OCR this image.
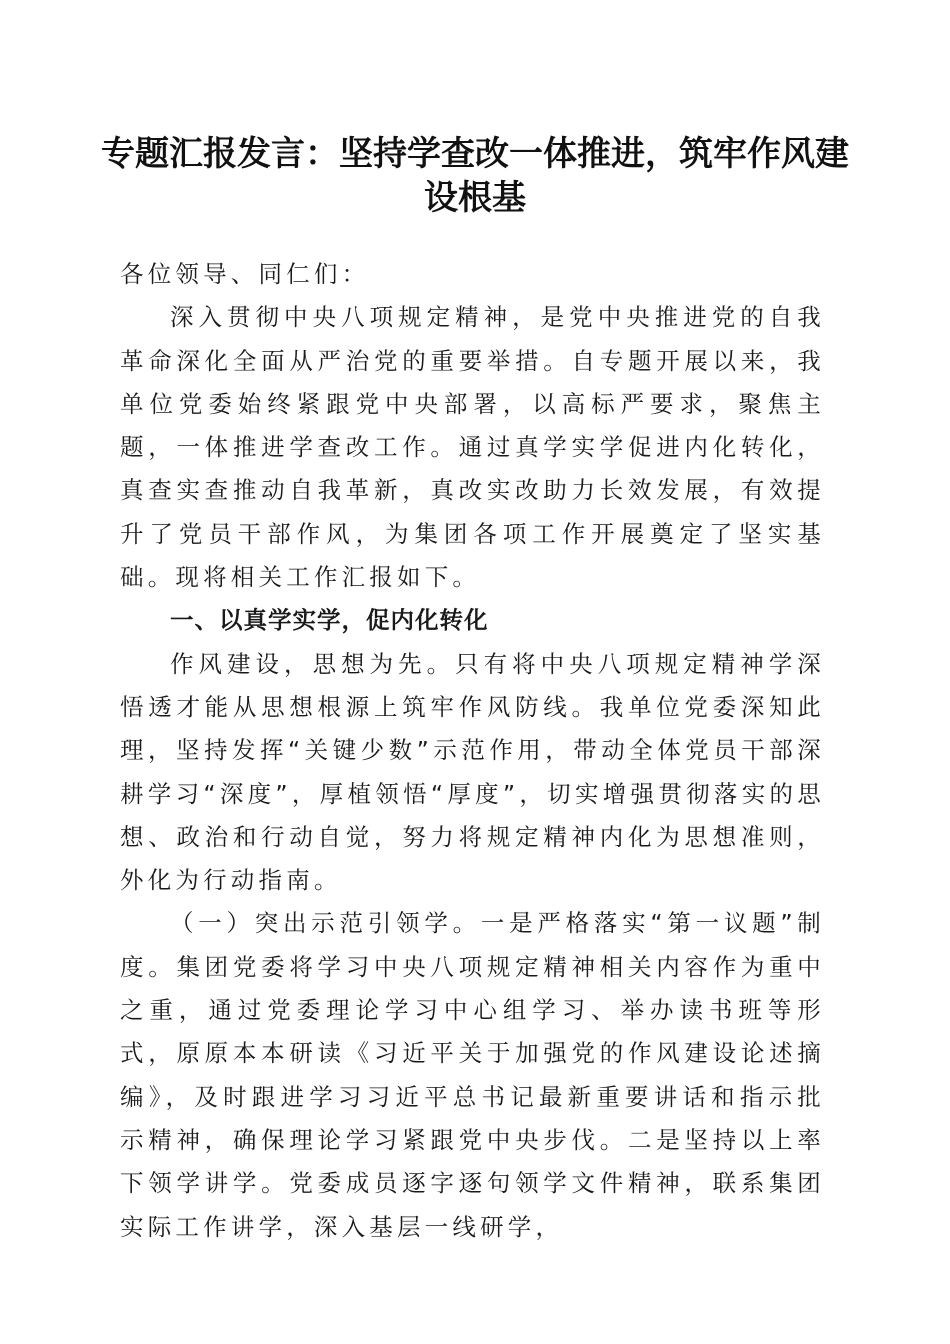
专题汇报发言：坚持学查改一体推进，筑牢作风建设根基

各位领导、同仁们：

深入贯彻中央八项规定精神，是党中央推进党的自我革命深化全面从严治党的重要举措。自专题开展以来，我单位党委始终紧跟党中央部署，以高标严要求，聚焦主题，一体推进学查改工作。通过真学实学促进内化转化，真查实查推动自我革新，真改实改助力长效发展，有效提升了党员干部作风，为集团各项工作开展奠定了坚实基础。现将相关工作汇报如下。

一、以真学实学，促内化转化

作风建设，思想为先。只有将中央八项规定精神学深悟透才能从思想根源上筑牢作风防线。我单位党委深知此理，坚持发挥“关键少数”示范作用，带动全体党员干部深耕学习“深度”，厚植领悟“厚度”，切实增强贯彻落实的思想、政治和行动自觉，努力将规定精神内化为思想准则，外化为行动指南。

（一）突出示范引领学。一是严格落实“第一议题”制度。集团党委将学习中央八项规定精神相关内容作为重中之重，通过党委理论学习中心组学习、举办读书班等形式，原原本本研读《习近平关于加强党的作风建设论述摘编》，及时跟进学习习近平总书记最新重要讲话和指示批示精神，确保理论学习紧跟党中央步伐。二是坚持以上率下领学讲学。党委成员逐字逐句领学文件精神，联系集团实际工作讲学，深入基层一线研学，
